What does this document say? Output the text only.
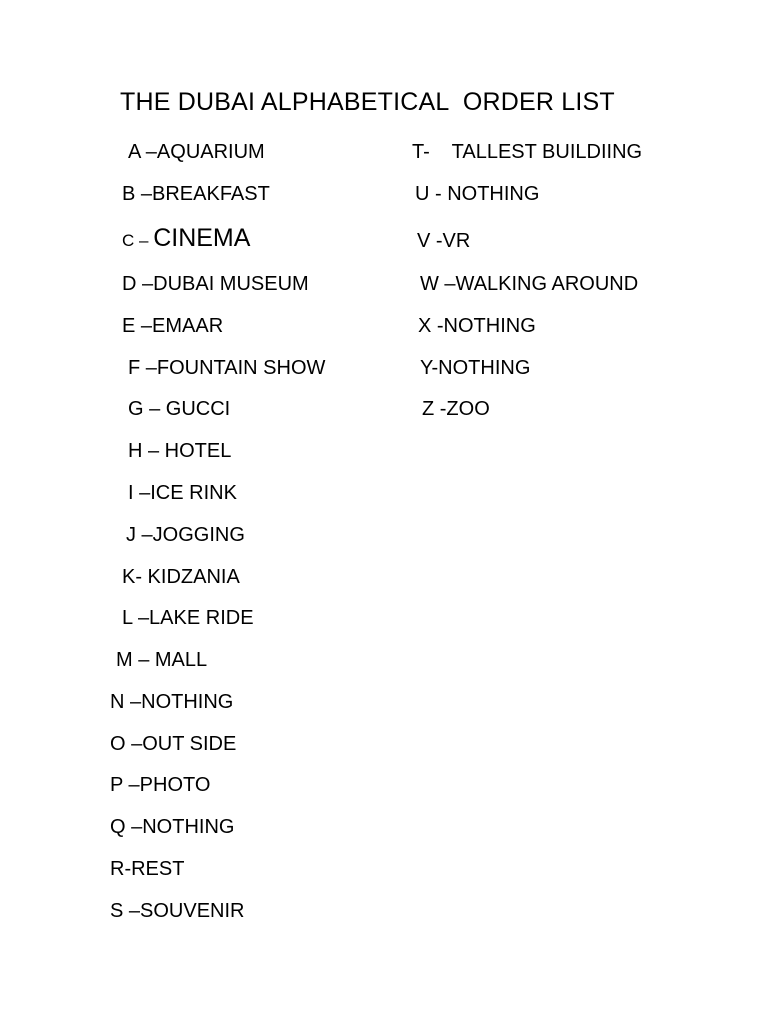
THE DUBAI ALPHABETICAL  ORDER LIST
A –AQUARIUM
B –BREAKFAST
C – CINEMA
D –DUBAI MUSEUM
E –EMAAR
F –FOUNTAIN SHOW
G – GUCCI
H – HOTEL
I –ICE RINK
J –JOGGING
K- KIDZANIA
L –LAKE RIDE
M – MALL
N –NOTHING
O –OUT SIDE
P –PHOTO
Q –NOTHING
R-REST
S –SOUVENIR
T-    TALLEST BUILDIING
U - NOTHING
V -VR
W –WALKING AROUND
X -NOTHING
Y-NOTHING
Z -ZOO
